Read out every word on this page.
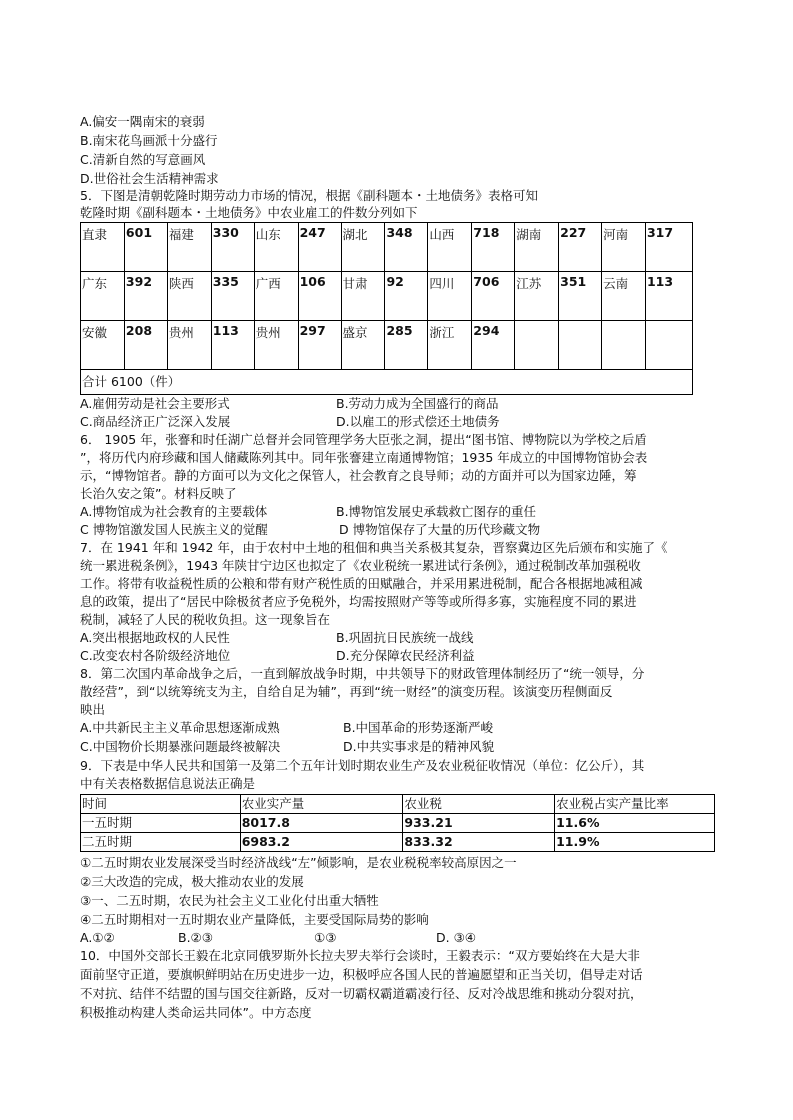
A.偏安一隅南宋的衰弱
B.南宋花鸟画派十分盛行
C.清新自然的写意画风
D.世俗社会生活精神需求
5．下图是清朝乾隆时期劳动力市场的情况，根据《副科题本・土地债务》表格可知
乾隆时期《副科题本・土地债务》中农业雇工的件数分列如下
直隶	601	福建	330	山东	247	湖北	348	山西	718	湖南	227	河南	317
广东	392	陕西	335	广西	106	甘肃	92	四川	706	江苏	351	云南	113
安徽	208	贵州	113	贵州	297	盛京	285	浙江	294				
合计 6100（件）													
A.雇佣劳动是社会主要形式	B.劳动力成为全国盛行的商品
C.商品经济正广泛深入发展	D.以雇工的形式偿还土地债务
6． 1905 年，张謇和时任湖广总督并会同管理学务大臣张之洞，提出“图书馆、博物院以为学校之后盾
”，将历代内府珍藏和国人储藏陈列其中。同年张謇建立南通博物馆；1935 年成立的中国博物馆协会表
示，“博物馆者。静的方面可以为文化之保管人，社会教育之良导师；动的方面并可以为国家边陲，筹
长治久安之策”。材料反映了
A.博物馆成为社会教育的主要载体	B.博物馆发展史承载救亡图存的重任
C 博物馆激发国人民族主义的觉醒	D 博物馆保存了大量的历代珍藏文物
7．在 1941 年和 1942 年，由于农村中土地的租佃和典当关系极其复杂，晋察冀边区先后颁布和实施了《
统一累进税条例》，1943 年陕甘宁边区也拟定了《农业税统一累进试行条例》，通过税制改革加强税收
工作。将带有收益税性质的公粮和带有财产税性质的田赋融合，并采用累进税制，配合各根据地减租减
息的政策，提出了“居民中除极贫者应予免税外，均需按照财产等等或所得多寡，实施程度不同的累进
税制，减轻了人民的税收负担。这一现象旨在
A.突出根据地政权的人民性	B.巩固抗日民族统一战线
C.改变农村各阶级经济地位	D.充分保障农民经济利益
8．第二次国内革命战争之后，一直到解放战争时期，中共领导下的财政管理体制经历了“统一领导，分
散经营”，到“以统筹统支为主，自给自足为辅”，再到“统一财经”的演变历程。该演变历程侧面反
映出
A.中共新民主主义革命思想逐渐成熟	B.中国革命的形势逐渐严峻
C.中国物价长期暴涨问题最终被解决	D.中共实事求是的精神风貌
9．下表是中华人民共和国第一及第二个五年计划时期农业生产及农业税征收情况（单位：亿公斤），其
中有关表格数据信息说法正确是
时间	农业实产量	农业税	农业税占实产量比率
一五时期	8017.8	933.21	11.6%
二五时期	6983.2	833.32	11.9%
①二五时期农业发展深受当时经济战线“左”倾影响，是农业税税率较高原因之一
②三大改造的完成，极大推动农业的发展
③一、二五时期，农民为社会主义工业化付出重大牺牲
④二五时期相对一五时期农业产量降低，主要受国际局势的影响
A.①②	B.②③	①③	D. ③④
10．中国外交部长王毅在北京同俄罗斯外长拉夫罗夫举行会谈时，王毅表示：“双方要始终在大是大非
面前坚守正道，要旗帜鲜明站在历史进步一边，积极呼应各国人民的普遍愿望和正当关切，倡导走对话
不对抗、结伴不结盟的国与国交往新路，反对一切霸权霸道霸凌行径、反对冷战思维和挑动分裂对抗，
积极推动构建人类命运共同体”。中方态度
